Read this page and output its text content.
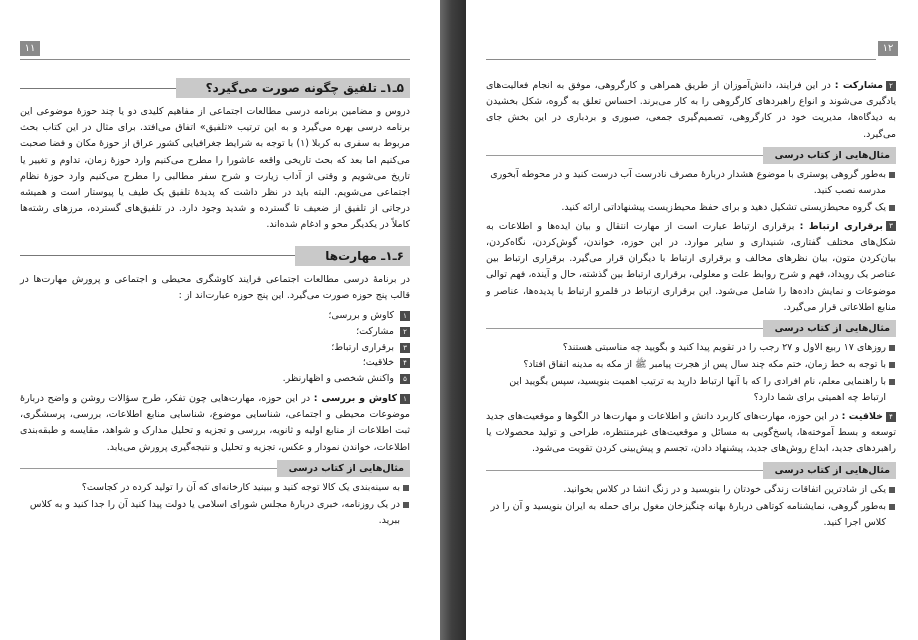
۱۱
۵ـ۱ـ تلفیق چگونه صورت می‌گیرد؟

دروس و مضامین برنامه درسی مطالعات اجتماعی از مفاهیم کلیدی دو یا چند حوزهٔ موضوعی این برنامه درسی بهره می‌گیرد و به این ترتیب «تلفیق» اتفاق می‌افتد. برای مثال در این کتاب بحث مربوط به سفری به کربلا (۱) با توجه به شرایط جغرافیایی کشور عراق از حوزهٔ مکان و فضا صحبت می‌کنیم اما بعد که بحث تاریخی واقعه عاشورا را مطرح می‌کنیم وارد حوزهٔ زمان، تداوم و تغییر یا تاریخ می‌شویم و وقتی از آداب زیارت و شرح سفر مطالبی را مطرح می‌کنیم وارد حوزهٔ نظام اجتماعی می‌شویم. البته باید در نظر داشت که پدیدهٔ تلفیق یک طیف یا پیوستار است و همیشه درجاتی از تلفیق از ضعیف تا گسترده و شدید وجود دارد. در تلفیق‌های گسترده، مرزهای رشته‌ها کاملاً در یکدیگر محو و ادغام شده‌اند.

۶ـ۱ـ مهارت‌ها

در برنامهٔ درسی مطالعات اجتماعی فرایند کاوشگری محیطی و اجتماعی و پرورش مهارت‌ها در قالب پنج حوزه صورت می‌گیرد. این پنج حوزه عبارت‌اند از :

۱
کاوش و بررسی؛
۲
مشارکت؛
۳
برقراری ارتباط؛
۴
خلاقیت؛
۵
واکنش شخصی و اظهارنظر.

۱کاوش و بررسی : در این حوزه، مهارت‌هایی چون تفکر، طرح سؤالات روشن و واضح دربارهٔ موضوعات محیطی و اجتماعی، شناسایی موضوع، شناسایی منابع اطلاعات، بررسی، پرسشگری، ثبت اطلاعات از منابع اولیه و ثانویه، بررسی و تجزیه و تحلیل مدارک و شواهد، مقایسه و طبقه‌بندی اطلاعات، خواندن نمودار و عکس، تجزیه و تحلیل و نتیجه‌گیری پرورش می‌یابد.

مثال‌هایی از کتاب درسی
به سینه‌بندی یک کالا توجه کنید و ببینید کارخانه‌ای که آن را تولید کرده در کجاست؟
در یک روزنامه، خبری دربارهٔ مجلس شورای اسلامی یا دولت پیدا کنید آن را جدا کنید و به کلاس ببرید.
۱۲

۲مشارکت : در این فرایند، دانش‌آموزان از طریق همراهی و کارگروهی، موفق به انجام فعالیت‌های یادگیری می‌شوند و انواع راهبردهای کارگروهی را به کار می‌برند. احساس تعلق به گروه، شکل بخشیدن به دیدگاه‌ها، مدیریت خود در کارگروهی، تصمیم‌گیری جمعی، صبوری و بردباری در این بخش جای می‌گیرد.

مثال‌هایی از کتاب درسی
به‌طور گروهی پوستری با موضوع هشدار دربارهٔ مصرف نادرست آب درست کنید و در محوطه آبخوری مدرسه نصب کنید.
یک گروه محیط‌زیستی تشکیل دهید و برای حفظ محیط‌زیست پیشنهاداتی ارائه کنید.

۳برقراری ارتباط : برقراری ارتباط عبارت است از مهارت انتقال و بیان ایده‌ها و اطلاعات به شکل‌های مختلف گفتاری، شنیداری و سایر موارد. در این حوزه، خواندن، گوش‌کردن، نگاه‌کردن، بیان‌کردن متون، بیان نظرهای مخالف و برقراری ارتباط با دیگران قرار می‌گیرد. برقراری ارتباط بین عناصر یک رویداد، فهم و شرح روابط علت و معلولی، برقراری ارتباط بین گذشته، حال و آینده، فهم توالی موضوعات و نمایش داده‌ها را شامل می‌شود. این برقراری ارتباط در قلمرو ارتباط با پدیده‌ها، عناصر و منابع اطلاعاتی قرار می‌گیرد.

مثال‌هایی از کتاب درسی
روزهای ۱۷ ربیع الاول و ۲۷ رجب را در تقویم پیدا کنید و بگویید چه مناسبتی هستند؟
با توجه به خط زمان، ختم مکه چند سال پس از هجرت پیامبر ﷺ از مکه به مدینه اتفاق افتاد؟
با راهنمایی معلم، نام افرادی را که با آنها ارتباط دارید به ترتیب اهمیت بنویسید، سپس بگویید این ارتباط چه اهمیتی برای شما دارد؟

۴خلاقیت : در این حوزه، مهارت‌های کاربرد دانش و اطلاعات و مهارت‌ها در الگوها و موقعیت‌های جدید توسعه و بسط آموخته‌ها، پاسخ‌گویی به مسائل و موقعیت‌های غیرمنتظره، طراحی و تولید محصولات یا راهبردهای جدید، ابداع روش‌های جدید، پیشنهاد دادن، تجسم و پیش‌بینی کردن تقویت می‌شود.

مثال‌هایی از کتاب درسی
یکی از شادترین اتفاقات زندگی خودتان را بنویسید و در زنگ انشا در کلاس بخوانید.
به‌طور گروهی، نمایشنامه کوتاهی دربارهٔ بهانه چنگیزخان مغول برای حمله به ایران بنویسید و آن را در کلاس اجرا کنید.
